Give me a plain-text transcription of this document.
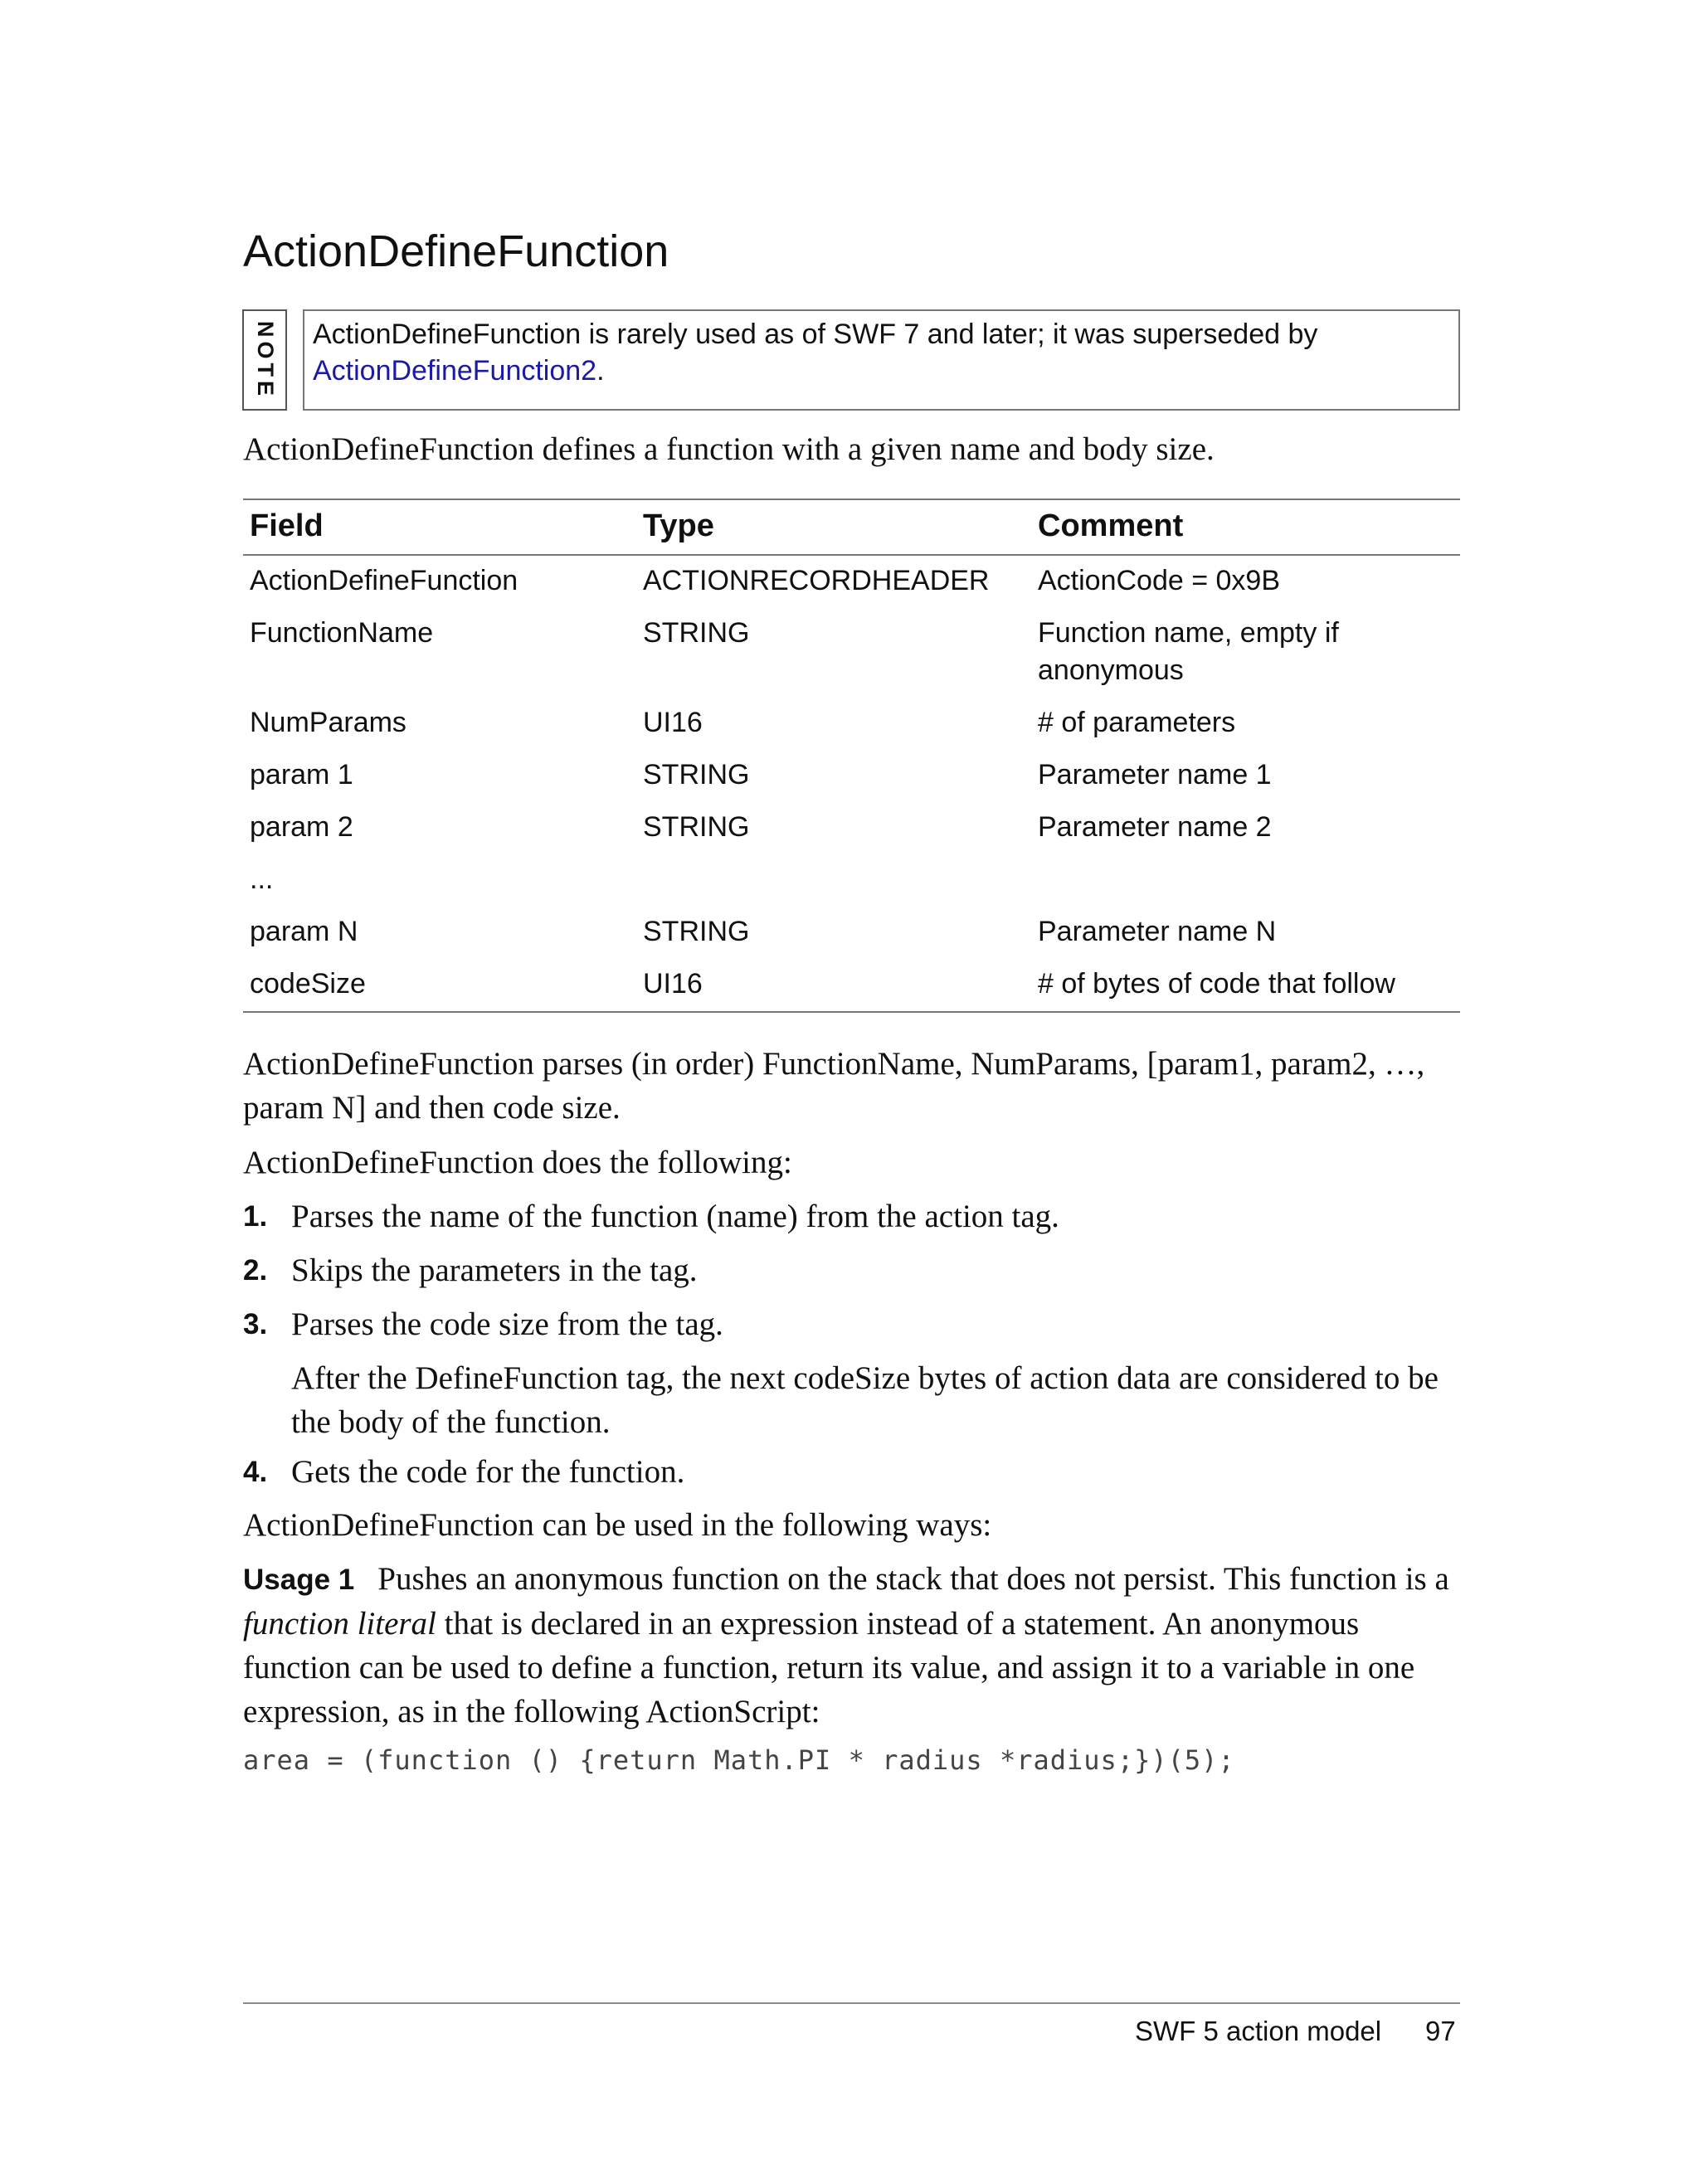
ActionDefineFunction
NOTE	ActionDefineFunction is rarely used as of SWF 7 and later; it was superseded by
ActionDefineFunction2.

ActionDefineFunction defines a function with a given name and body size.

Field	Type	Comment
ActionDefineFunction	ACTIONRECORDHEADER	ActionCode = 0x9B
FunctionName	STRING	Function name, empty if anonymous
NumParams	UI16	# of parameters
param 1	STRING	Parameter name 1
param 2	STRING	Parameter name 2
...		
param N	STRING	Parameter name N
codeSize	UI16	# of bytes of code that follow

ActionDefineFunction parses (in order) FunctionName, NumParams, [param1, param2, …, param N] and then code size.

ActionDefineFunction does the following:

1. Parses the name of the function (name) from the action tag.
2. Skips the parameters in the tag.
3. Parses the code size from the tag.
After the DefineFunction tag, the next codeSize bytes of action data are considered to be the body of the function.
4. Gets the code for the function.

ActionDefineFunction can be used in the following ways:

Usage 1 Pushes an anonymous function on the stack that does not persist. This function is a function literal that is declared in an expression instead of a statement. An anonymous function can be used to define a function, return its value, and assign it to a variable in one expression, as in the following ActionScript:

area = (function () {return Math.PI * radius *radius;})(5);
SWF 5 action model 97
